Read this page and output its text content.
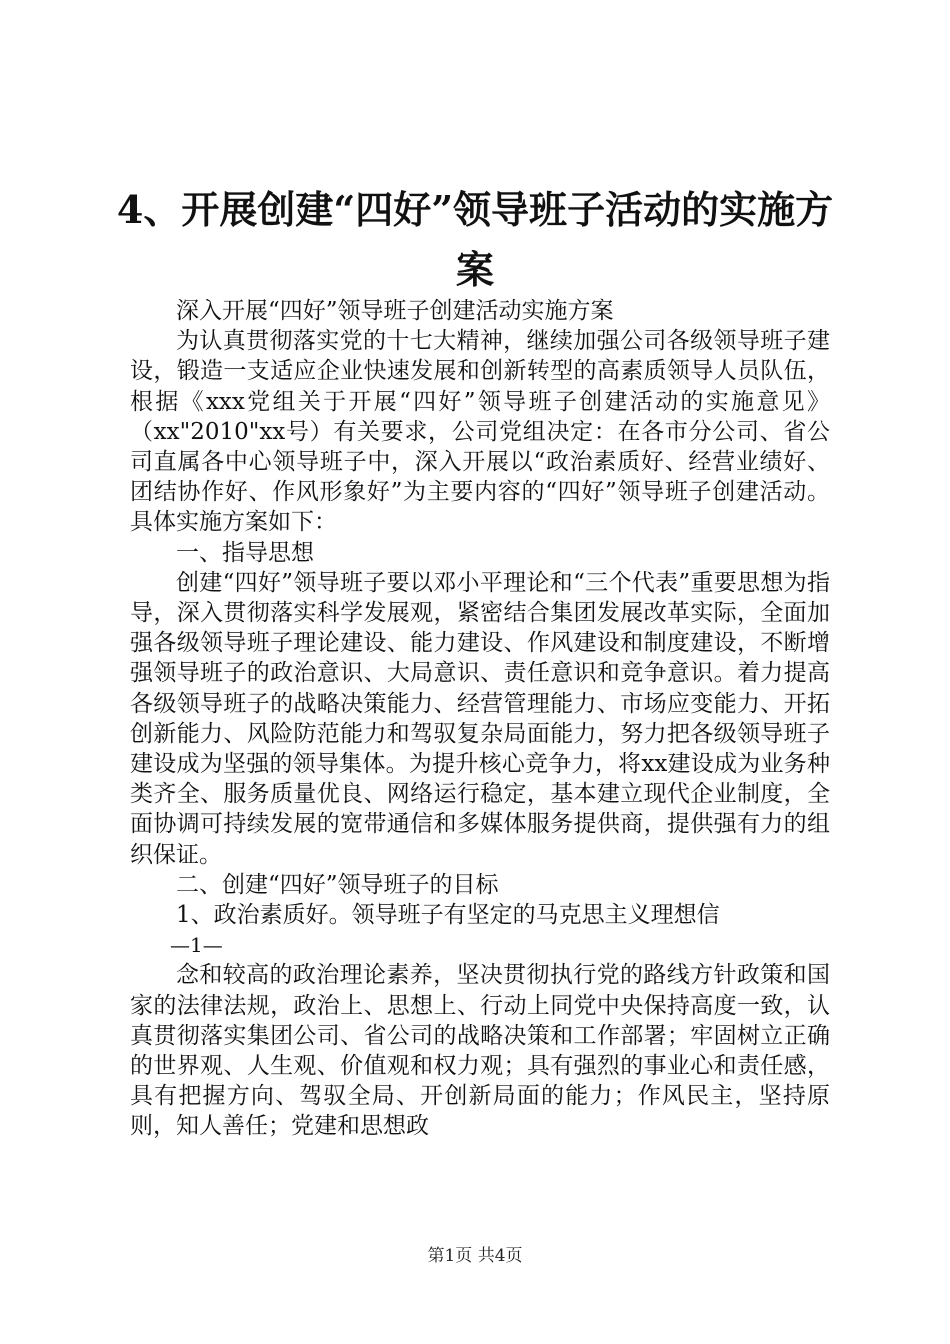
4、开展创建“四好”领导班子活动的实施方案

深入开展“四好”领导班子创建活动实施方案

为认真贯彻落实党的十七大精神，继续加强公司各级领导班子建设，锻造一支适应企业快速发展和创新转型的高素质领导人员队伍，根据《xxx党组关于开展“四好”领导班子创建活动的实施意见》（xx"2010"xx号）有关要求，公司党组决定：在各市分公司、省公司直属各中心领导班子中，深入开展以“政治素质好、经营业绩好、团结协作好、作风形象好”为主要内容的“四好”领导班子创建活动。具体实施方案如下：

一、指导思想

创建“四好”领导班子要以邓小平理论和“三个代表”重要思想为指导，深入贯彻落实科学发展观，紧密结合集团发展改革实际，全面加强各级领导班子理论建设、能力建设、作风建设和制度建设，不断增强领导班子的政治意识、大局意识、责任意识和竞争意识。着力提高各级领导班子的战略决策能力、经营管理能力、市场应变能力、开拓创新能力、风险防范能力和驾驭复杂局面能力，努力把各级领导班子建设成为坚强的领导集体。为提升核心竞争力，将xx建设成为业务种类齐全、服务质量优良、网络运行稳定，基本建立现代企业制度，全面协调可持续发展的宽带通信和多媒体服务提供商，提供强有力的组织保证。

二、创建“四好”领导班子的目标

1、政治素质好。领导班子有坚定的马克思主义理想信

—1—

念和较高的政治理论素养，坚决贯彻执行党的路线方针政策和国家的法律法规，政治上、思想上、行动上同党中央保持高度一致，认真贯彻落实集团公司、省公司的战略决策和工作部署；牢固树立正确的世界观、人生观、价值观和权力观；具有强烈的事业心和责任感，具有把握方向、驾驭全局、开创新局面的能力；作风民主，坚持原则，知人善任；党建和思想政

第1页 共4页
